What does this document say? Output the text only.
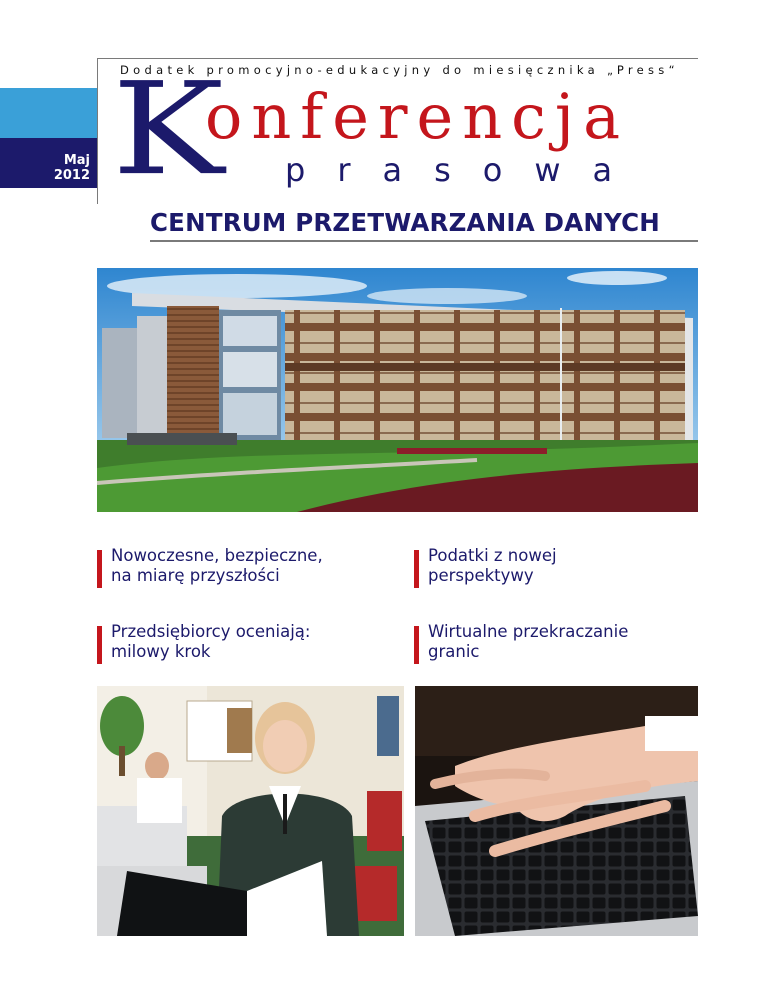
Maj
2012
Dodatek promocyjno-edukacyjny do miesięcznika „Press“
K
onferencja
prasowa
CENTRUM PRZETWARZANIA DANYCH
Nowoczesne, bezpieczne,
na miarę przyszłości
Podatki z nowej
perspektywy
Przedsiębiorcy oceniają:
milowy krok
Wirtualne przekraczanie
granic
